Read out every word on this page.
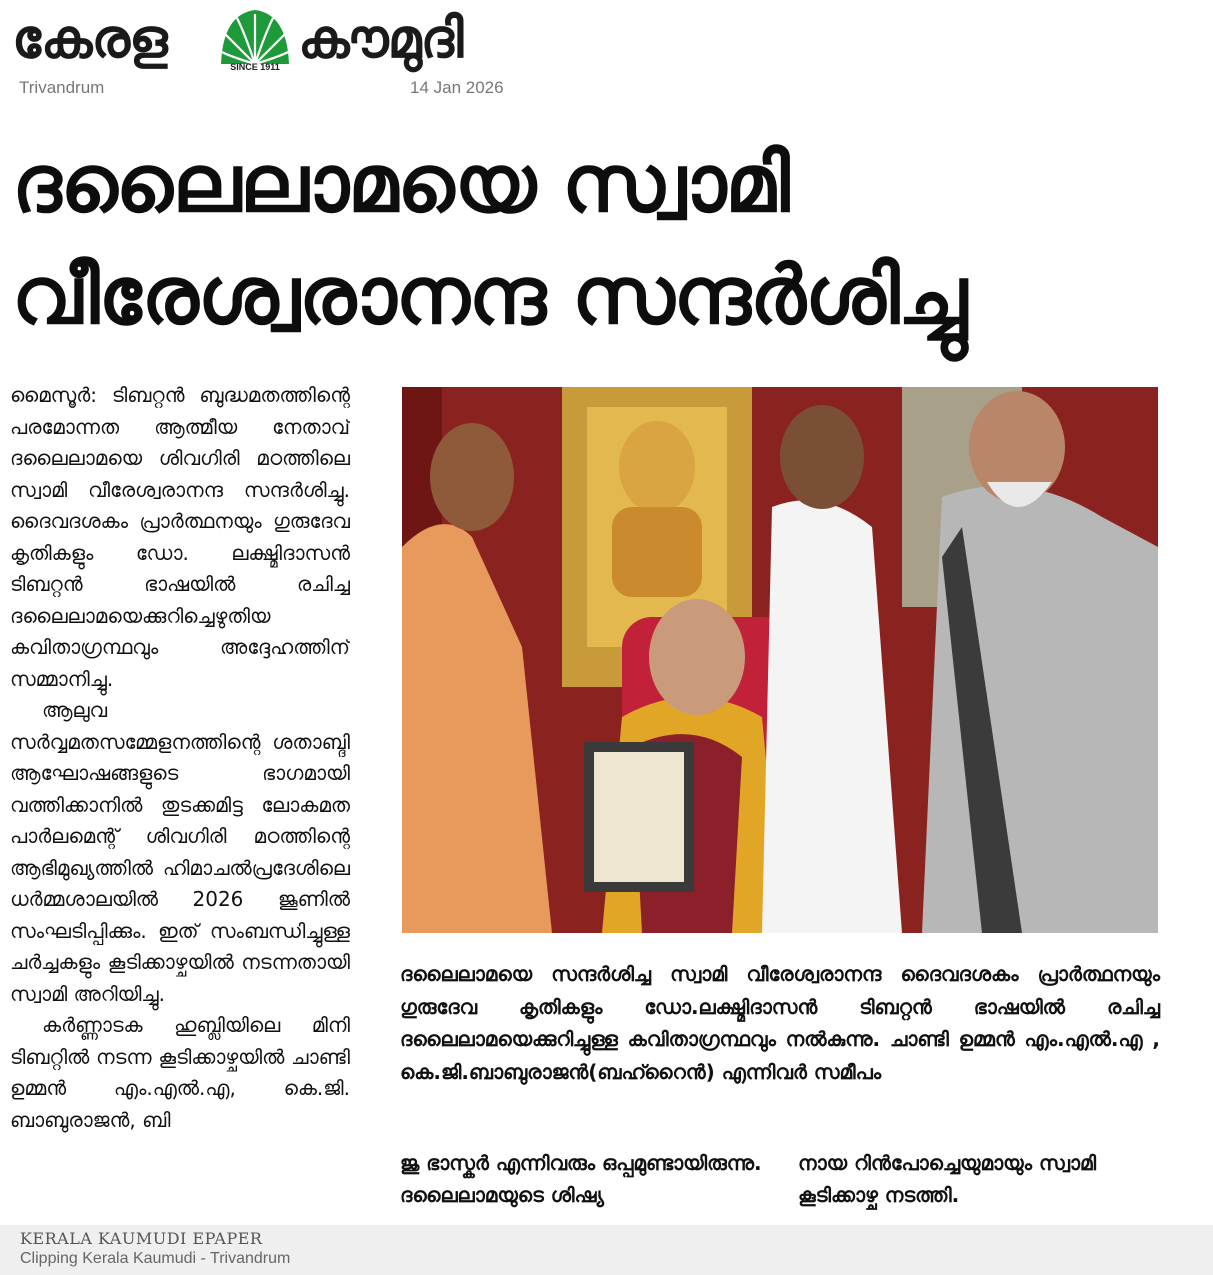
കേരള	SINCE 1911 കൗമുദി
Trivandrum	14 Jan 2026
ദലൈലാമയെ സ്വാമി
വീരേശ്വരാനന്ദ സന്ദർശിച്ചു

മൈസൂർ: ടിബറ്റൻ ബുദ്ധമതത്തിന്റെ പരമോന്നത ആത്മീയ നേതാവ് ദലൈലാമയെ ശിവഗിരി മഠത്തിലെ സ്വാമി വീരേശ്വരാനന്ദ സന്ദർശിച്ചു. ദൈവദശകം പ്രാർത്ഥനയും ഗുരുദേവ കൃതികളും ഡോ. ലക്ഷ്മിദാസൻ ടിബറ്റൻ ഭാഷയിൽ രചിച്ച ദലൈലാമയെക്കുറിച്ചെഴുതിയ കവിതാഗ്രന്ഥവും അദ്ദേഹത്തിന് സമ്മാനിച്ചു.

ആലുവ സർവ്വമതസമ്മേളനത്തിന്റെ ശതാബ്ദി ആഘോഷങ്ങളുടെ ഭാഗമായി വത്തിക്കാനിൽ തുടക്കമിട്ട ലോകമത പാർലമെന്റ് ശിവഗിരി മഠത്തിന്റെ ആഭിമുഖ്യത്തിൽ ഹിമാചൽപ്രദേശിലെ ധർമ്മശാലയിൽ 2026 ജൂണിൽ സംഘടിപ്പിക്കും. ഇത് സംബന്ധിച്ചുള്ള ചർച്ചകളും കൂടിക്കാഴ്ചയിൽ നടന്നതായി സ്വാമി അറിയിച്ചു.

കർണ്ണാടക ഹുബ്ലിയിലെ മിനി ടിബറ്റിൽ നടന്ന കൂടിക്കാഴ്ചയിൽ ചാണ്ടി ഉമ്മൻ എം.എൽ.എ, കെ.ജി. ബാബുരാജൻ, ബി

ദലൈലാമയെ സന്ദർശിച്ച സ്വാമി വീരേശ്വരാനന്ദ ദൈവദശകം പ്രാർത്ഥനയും ഗുരുദേവ കൃതികളും ഡോ.ലക്ഷ്മിദാസൻ ടിബറ്റൻ ഭാഷയിൽ രചിച്ച ദലൈലാമയെക്കുറിച്ചുള്ള കവിതാഗ്രന്ഥവും നൽകുന്നു. ചാണ്ടി ഉമ്മൻ എം.എൽ.എ , കെ.ജി.ബാബുരാജൻ(ബഹ്റൈൻ) എന്നിവർ സമീപം

ജു ഭാസ്കർ എന്നിവരും ഒപ്പമുണ്ടായിരുന്നു. ദലൈലാമയുടെ ശിഷ്യ

നായ റിൻപോച്ചെയുമായും സ്വാമി കൂടിക്കാഴ്ച നടത്തി.

KERALA KAUMUDI EPAPER
Clipping Kerala Kaumudi - Trivandrum
